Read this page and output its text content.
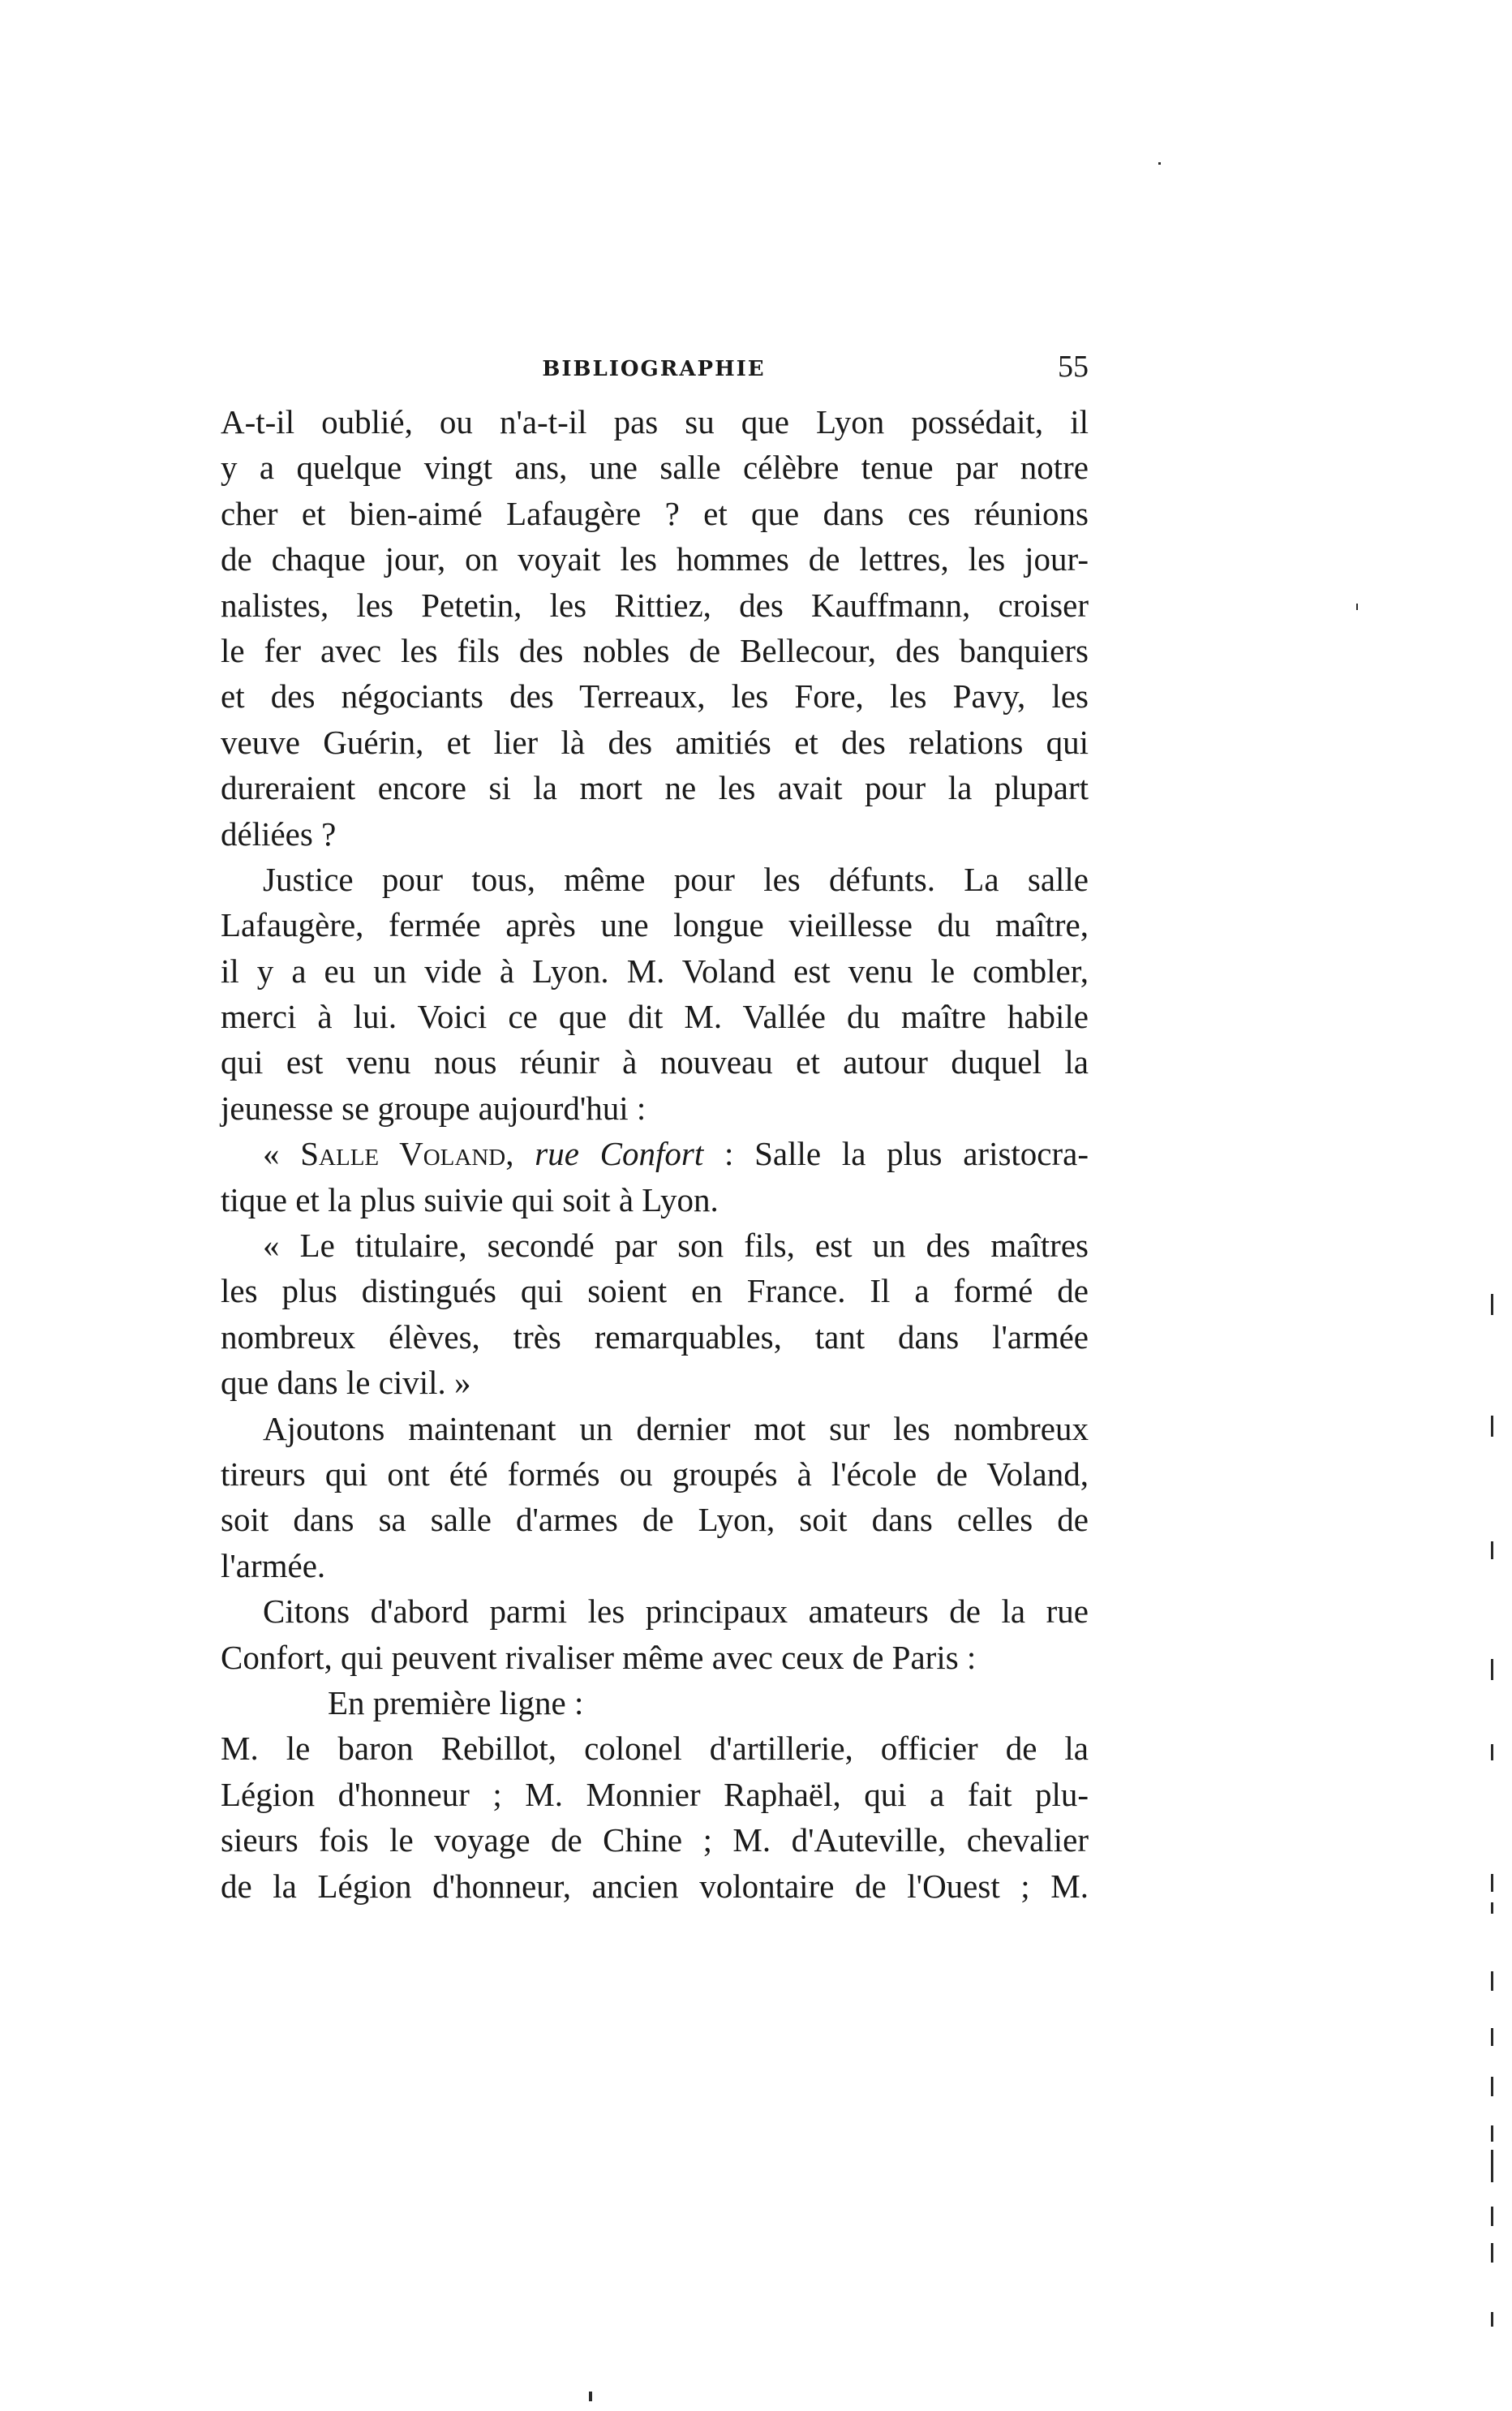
BIBLIOGRAPHIE	55
A-t-il oublié, ou n'a-t-il pas su que Lyon possédait, il
y a quelque vingt ans, une salle célèbre tenue par notre
cher et bien-aimé Lafaugère ? et que dans ces réunions
de chaque jour, on voyait les hommes de lettres, les jour-
nalistes, les Petetin, les Rittiez, des Kauffmann, croiser
le fer avec les fils des nobles de Bellecour, des banquiers
et des négociants des Terreaux, les Fore, les Pavy, les
veuve Guérin, et lier là des amitiés et des relations qui
dureraient encore si la mort ne les avait pour la plupart
déliées ?
Justice pour tous, même pour les défunts. La salle
Lafaugère, fermée après une longue vieillesse du maître,
il y a eu un vide à Lyon. M. Voland est venu le combler,
merci à lui. Voici ce que dit M. Vallée du maître habile
qui est venu nous réunir à nouveau et autour duquel la
jeunesse se groupe aujourd'hui :
« Salle Voland, rue Confort : Salle la plus aristocra-
tique et la plus suivie qui soit à Lyon.
« Le titulaire, secondé par son fils, est un des maîtres
les plus distingués qui soient en France. Il a formé de
nombreux élèves, très remarquables, tant dans l'armée
que dans le civil. »
Ajoutons maintenant un dernier mot sur les nombreux
tireurs qui ont été formés ou groupés à l'école de Voland,
soit dans sa salle d'armes de Lyon, soit dans celles de
l'armée.
Citons d'abord parmi les principaux amateurs de la rue
Confort, qui peuvent rivaliser même avec ceux de Paris :
En première ligne :
M. le baron Rebillot, colonel d'artillerie, officier de la
Légion d'honneur ; M. Monnier Raphaël, qui a fait plu-
sieurs fois le voyage de Chine ; M. d'Auteville, chevalier
de la Légion d'honneur, ancien volontaire de l'Ouest ; M.
